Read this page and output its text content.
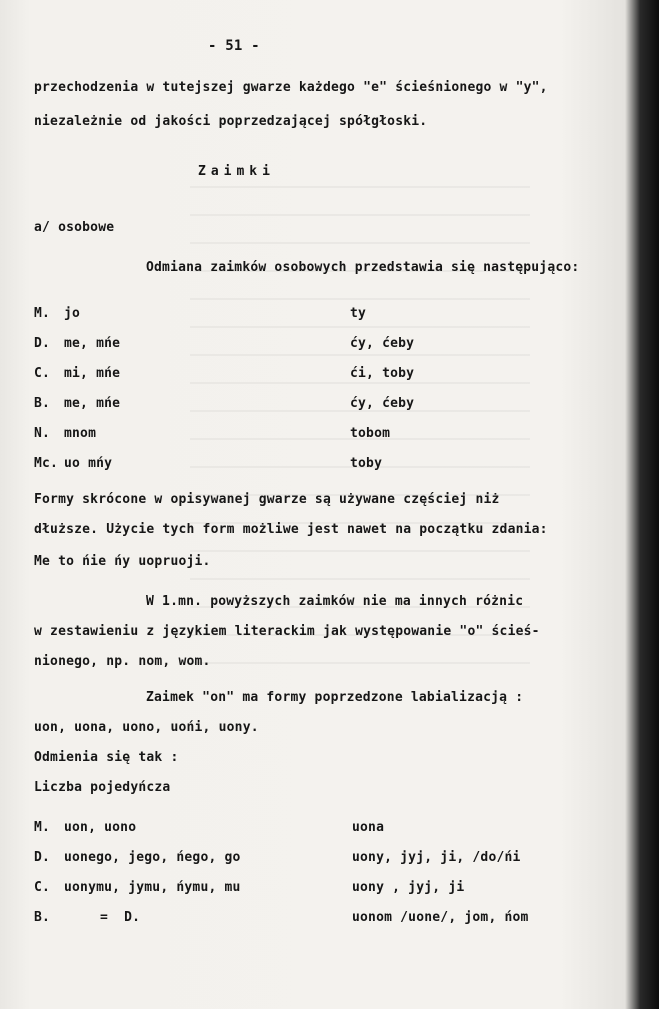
- 51 -
przechodzenia w tutejszej gwarze każdego "e" ścieśnionego w "y",
niezależnie od jakości poprzedzającej spółgłoski.
Zaimki
a/ osobowe
Odmiana zaimków osobowych przedstawia się następująco:
M. jo	ty
D. me, mńe	ćy, ćeby
C. mi, mńe	ći, toby
B. me, mńe	ćy, ćeby
N. mnom	tobom
Mc. uo mńy	toby
Formy skrócone w opisywanej gwarze są używane częściej niż
dłuższe. Użycie tych form możliwe jest nawet na początku zdania:
Me to ńie ńy uopruoji.
W 1.mn. powyższych zaimków nie ma innych różnic
w zestawieniu z językiem literackim jak występowanie "o" ścieś-
nionego, np. nom, wom.
Zaimek "on" ma formy poprzedzone labializacją :
uon, uona, uono, uońi, uony.
Odmienia się tak :
Liczba pojedyńcza
M. uon, uono	uona
D. uonego, jego, ńego, go	uony, jyj, ji, /do/ńi
C. uonymu, jymu, ńymu, mu	uony , jyj, ji
B.	=  D.	uonom /uone/, jom, ńom
